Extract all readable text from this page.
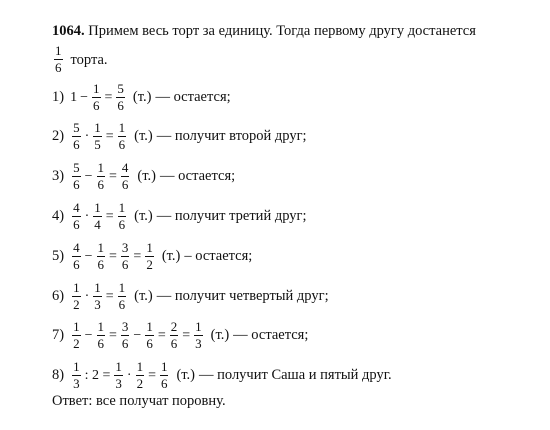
1064. Примем весь торт за единицу. Тогда первому другу достанется
$\frac{1}{6}$ торта.
1) $1 - \frac{1}{6} = \frac{5}{6} (т.)$ — остается;
$2) \frac{5}{6} \cdot \frac{1}{5} = \frac{1}{6} (т.)$ — получит второй друг;
$3) \frac{5}{6} - \frac{1}{6} = \frac{4}{6} (т.)$ — остается;
$4) \frac{4}{6} \cdot \frac{1}{4} = \frac{1}{6} (т.)$ — получит третий друг;
$5) \frac{4}{6} - \frac{1}{6} = \frac{3}{6} = \frac{1}{2} (т.)$ – остается;
$6) \frac{1}{2} \cdot \frac{1}{3} = \frac{1}{6} (т.)$ — получит четвертый друг;
$7) \frac{1}{2} - \frac{1}{6} = \frac{3}{6} - \frac{1}{6} = \frac{2}{6} = \frac{1}{3} (т.)$ — остается;
$8) \frac{1}{3}$ : $2 = \frac{1}{3} \cdot \frac{1}{2} = \frac{1}{6} (т.)$ — получит Саша и пятый друг.
Ответ: все получат поровну.
